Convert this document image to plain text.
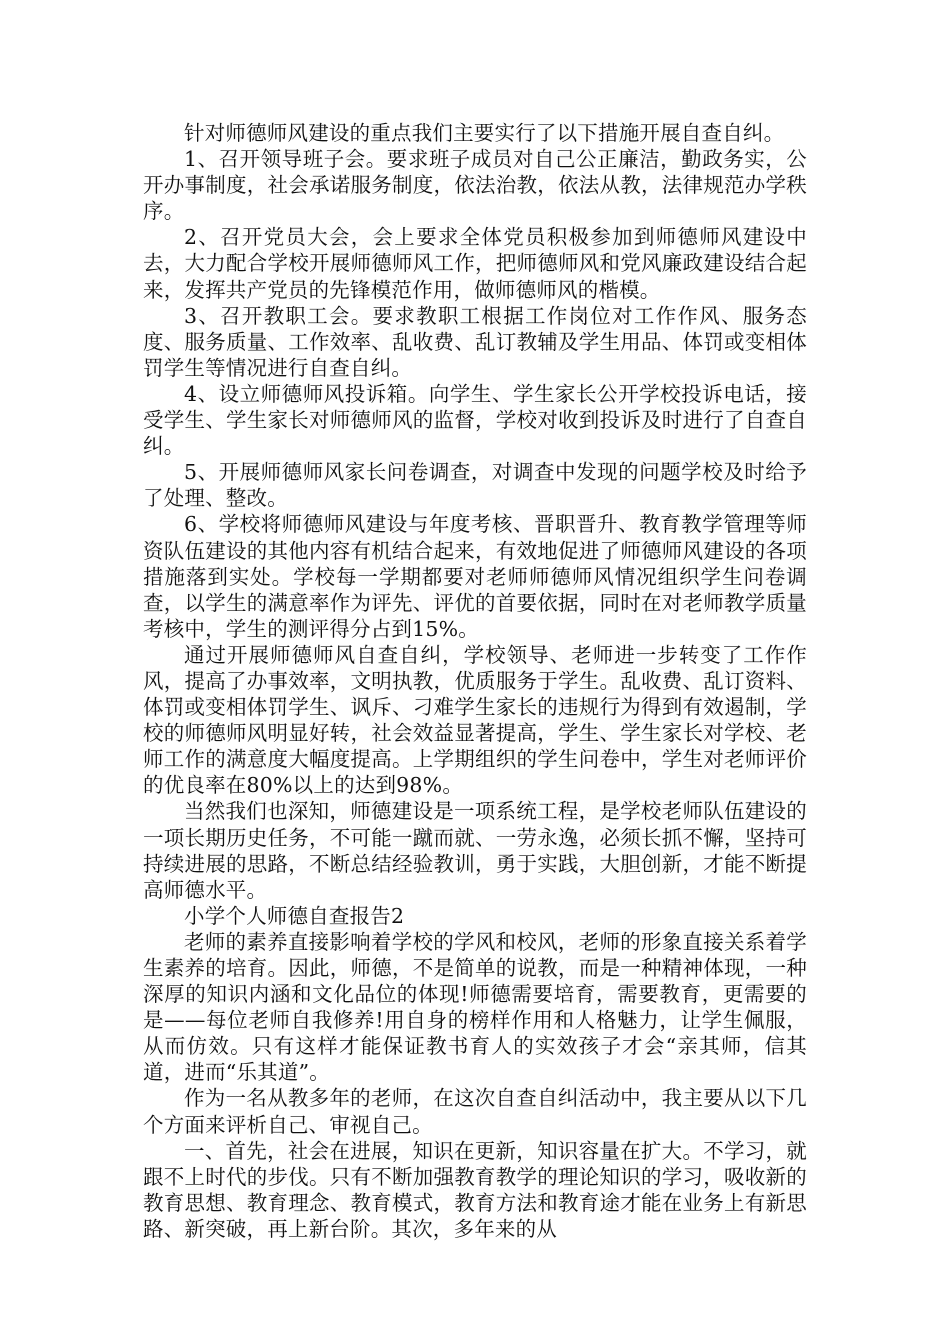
针对师德师风建设的重点我们主要实行了以下措施开展自查自纠。

1、召开领导班子会。要求班子成员对自己公正廉洁，勤政务实，公开办事制度，社会承诺服务制度，依法治教，依法从教，法律规范办学秩序。

2、召开党员大会，会上要求全体党员积极参加到师德师风建设中去，大力配合学校开展师德师风工作，把师德师风和党风廉政建设结合起来，发挥共产党员的先锋模范作用，做师德师风的楷模。

3、召开教职工会。要求教职工根据工作岗位对工作作风、服务态度、服务质量、工作效率、乱收费、乱订教辅及学生用品、体罚或变相体罚学生等情况进行自查自纠。

4、设立师德师风投诉箱。向学生、学生家长公开学校投诉电话，接受学生、学生家长对师德师风的监督，学校对收到投诉及时进行了自查自纠。

5、开展师德师风家长问卷调查，对调查中发现的问题学校及时给予了处理、整改。

6、学校将师德师风建设与年度考核、晋职晋升、教育教学管理等师资队伍建设的其他内容有机结合起来，有效地促进了师德师风建设的各项措施落到实处。学校每一学期都要对老师师德师风情况组织学生问卷调查，以学生的满意率作为评先、评优的首要依据，同时在对老师教学质量考核中，学生的测评得分占到15%。

通过开展师德师风自查自纠，学校领导、老师进一步转变了工作作风，提高了办事效率，文明执教，优质服务于学生。乱收费、乱订资料、体罚或变相体罚学生、讽斥、刁难学生家长的违规行为得到有效遏制，学校的师德师风明显好转，社会效益显著提高，学生、学生家长对学校、老师工作的满意度大幅度提高。上学期组织的学生问卷中，学生对老师评价的优良率在80%以上的达到98%。

当然我们也深知，师德建设是一项系统工程，是学校老师队伍建设的一项长期历史任务，不可能一蹴而就、一劳永逸，必须长抓不懈，坚持可持续进展的思路，不断总结经验教训，勇于实践，大胆创新，才能不断提高师德水平。

小学个人师德自查报告2

老师的素养直接影响着学校的学风和校风，老师的形象直接关系着学生素养的培育。因此，师德，不是简单的说教，而是一种精神体现，一种深厚的知识内涵和文化品位的体现!师德需要培育，需要教育，更需要的是——每位老师自我修养!用自身的榜样作用和人格魅力，让学生佩服，从而仿效。只有这样才能保证教书育人的实效孩子才会“亲其师，信其道，进而“乐其道”。

作为一名从教多年的老师，在这次自查自纠活动中，我主要从以下几个方面来评析自己、审视自己。

一、首先，社会在进展，知识在更新，知识容量在扩大。不学习，就跟不上时代的步伐。只有不断加强教育教学的理论知识的学习，吸收新的教育思想、教育理念、教育模式，教育方法和教育途才能在业务上有新思路、新突破，再上新台阶。其次，多年来的从
